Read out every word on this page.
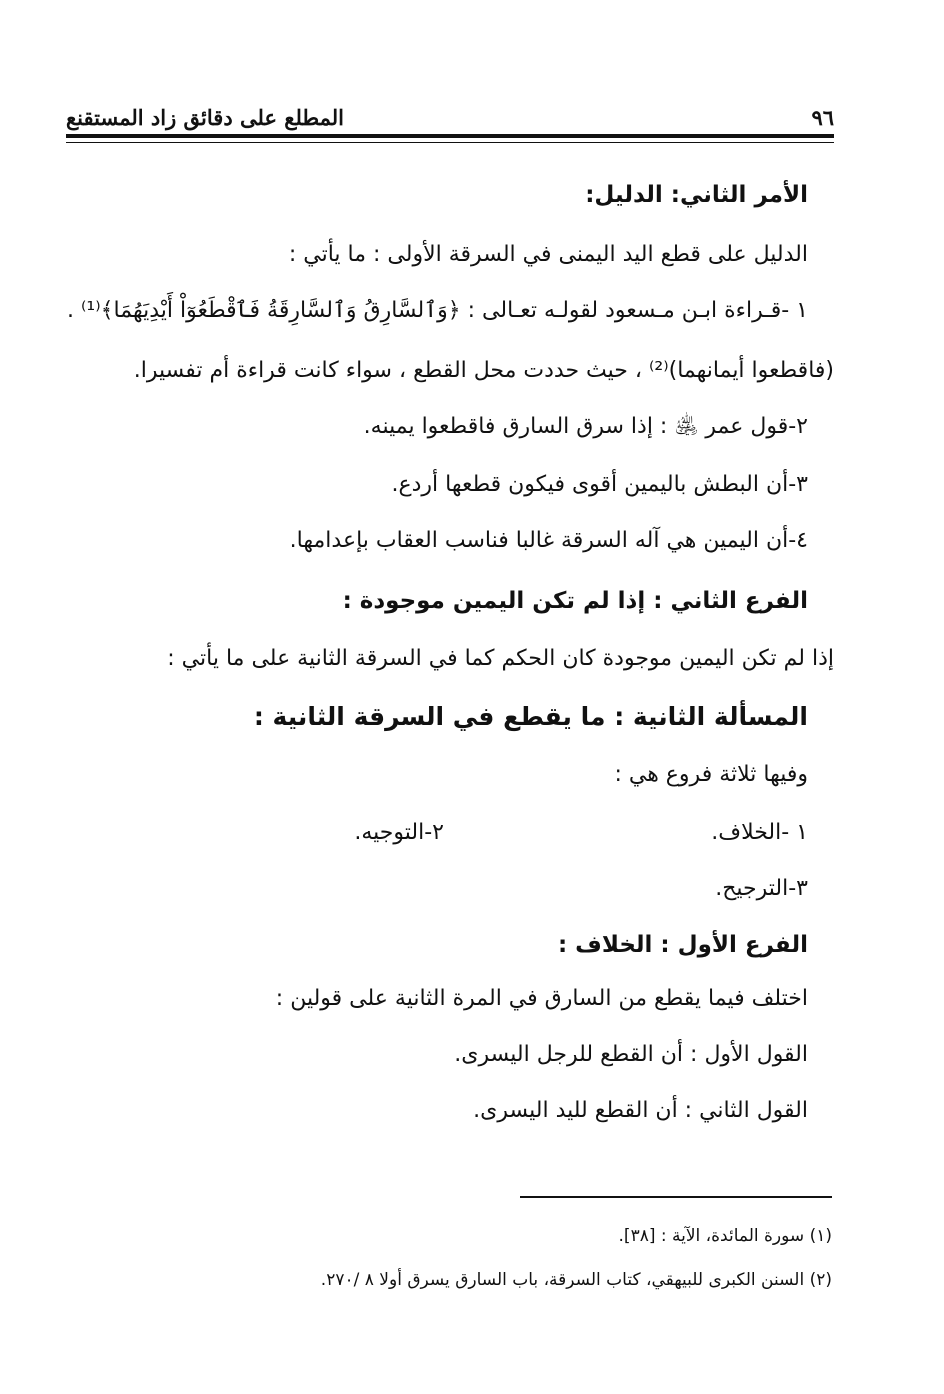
٩٦
المطلع على دقائق زاد المستقنع
الأمر الثاني: الدليل:
الدليل على قطع اليد اليمنى في السرقة الأولى : ما يأتي :
١ -قـراءة ابـن مـسعود لقولـه تعـالى : ﴿وَٱلسَّارِقُ وَٱلسَّارِقَةُ فَٱقْطَعُوٓاْ أَيْدِيَهُمَا﴾⁽¹⁾ .
(فاقطعوا أيمانهما)⁽²⁾ ، حيث حددت محل القطع ، سواء كانت قراءة أم تفسيرا.
٢-قول عمر ﵁ : إذا سرق السارق فاقطعوا يمينه.
٣-أن البطش باليمين أقوى فيكون قطعها أردع.
٤-أن اليمين هي آله السرقة غالبا فناسب العقاب بإعدامها.
الفرع الثاني : إذا لم تكن اليمين موجودة :
إذا لم تكن اليمين موجودة كان الحكم كما في السرقة الثانية على ما يأتي :
المسألة الثانية : ما يقطع في السرقة الثانية :
وفيها ثلاثة فروع هي :
١ -الخلاف.
٢-التوجيه.
٣-الترجيح.
الفرع الأول : الخلاف :
اختلف فيما يقطع من السارق في المرة الثانية على قولين :
القول الأول : أن القطع للرجل اليسرى.
القول الثاني : أن القطع لليد اليسرى.
(١) سورة المائدة، الآية : [٣٨].
(٢) السنن الكبرى للبيهقي، كتاب السرقة، باب السارق يسرق أولا ٨ /٢٧٠.
